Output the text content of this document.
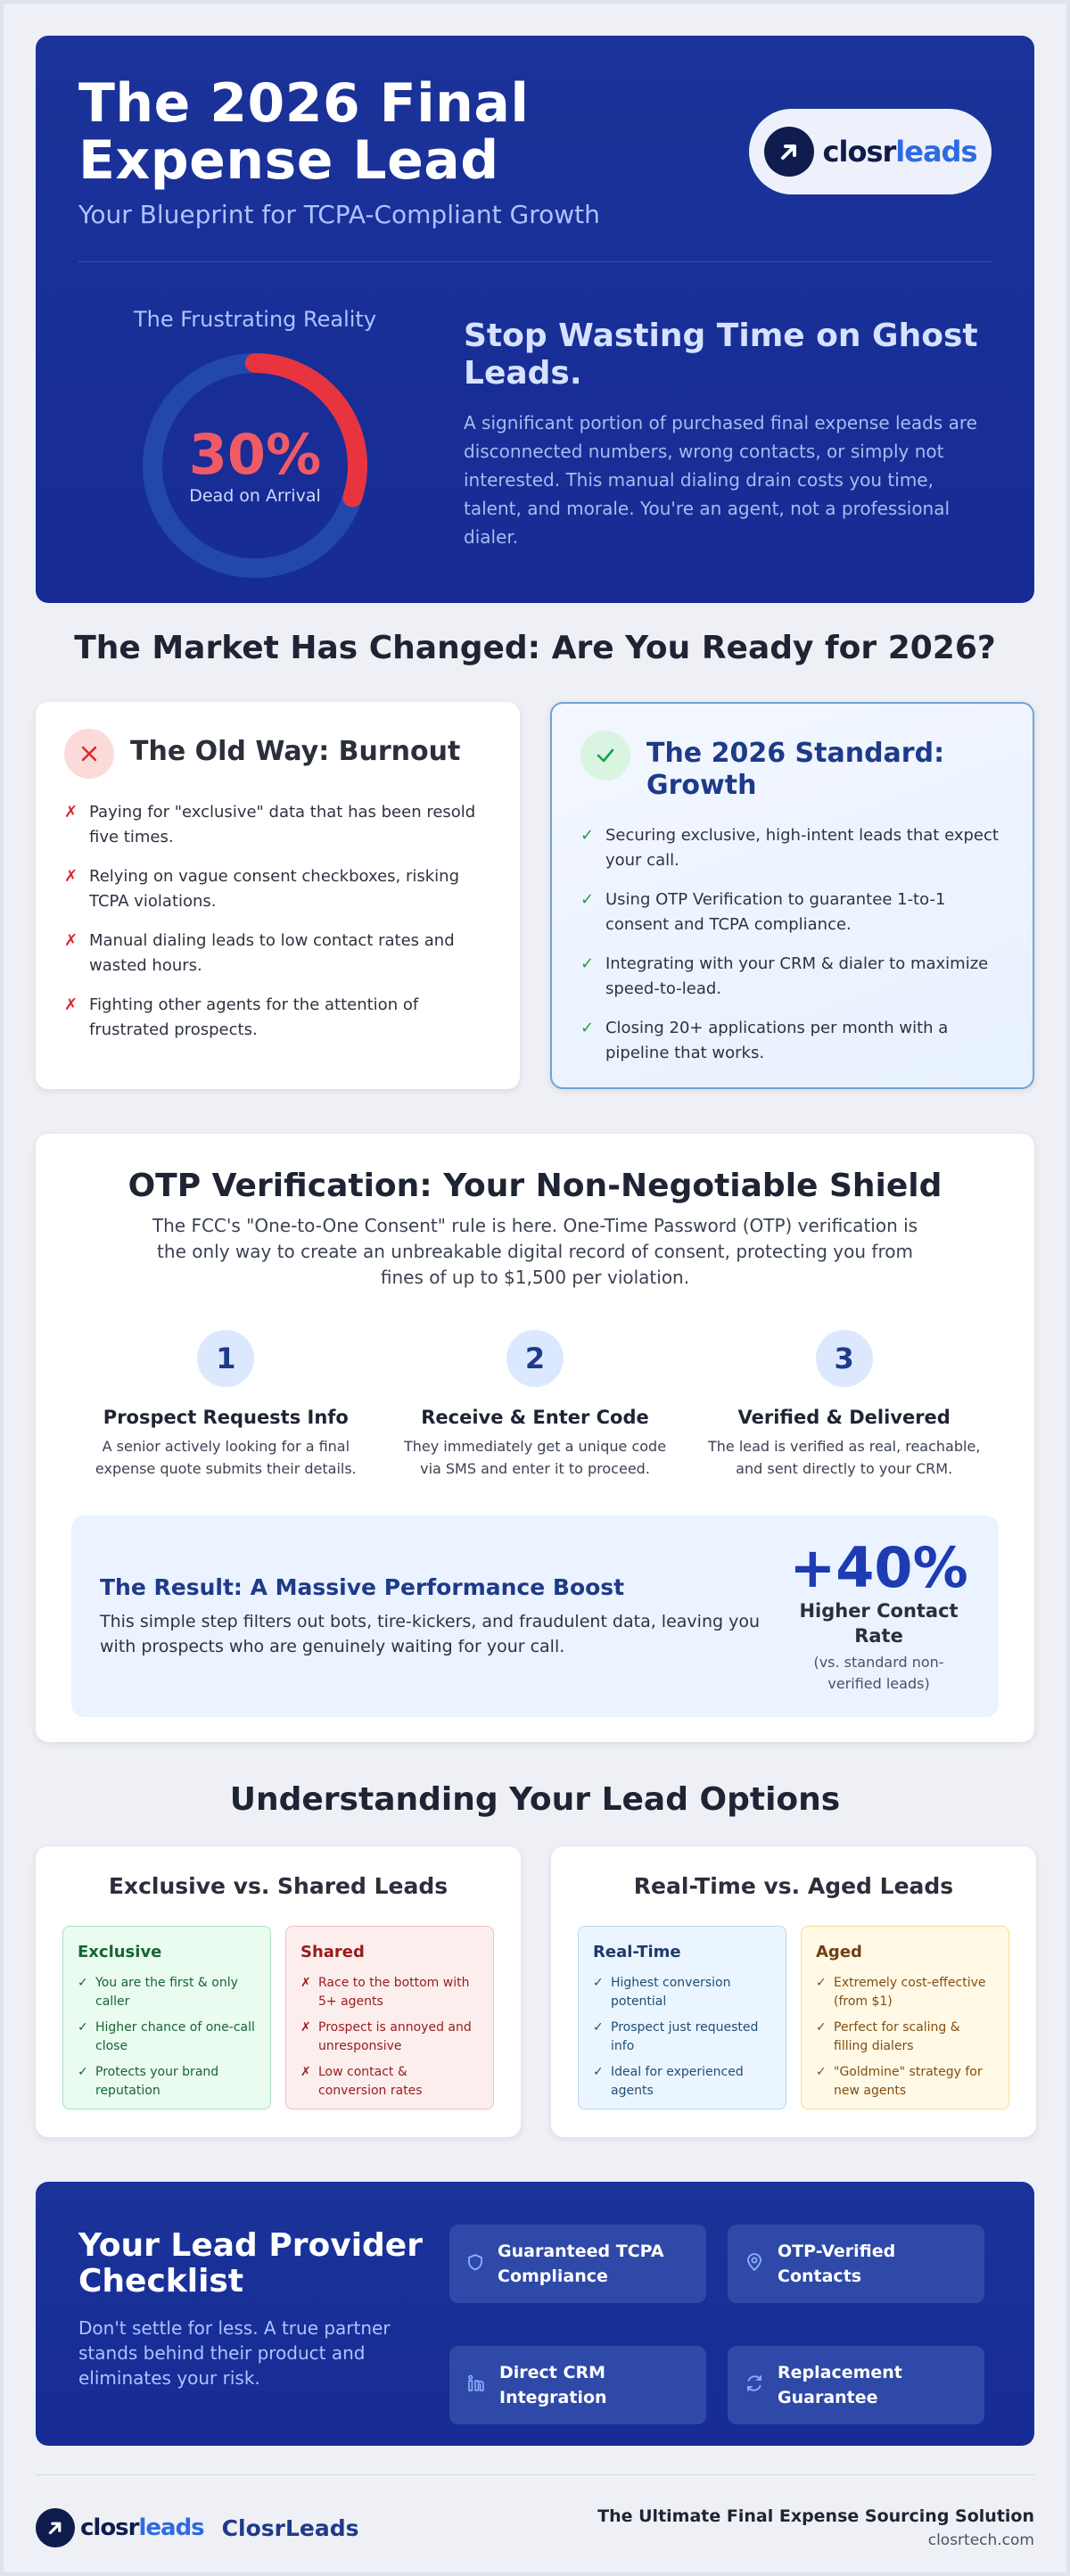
The 2026 Final Expense Lead
Your Blueprint for TCPA-Compliant Growth
closrleads
The Frustrating Reality
30%
Dead on Arrival
Stop Wasting Time on Ghost Leads.

A significant portion of purchased final expense leads are disconnected numbers, wrong contacts, or simply not interested. This manual dialing drain costs you time, talent, and morale. You're an agent, not a professional dialer.

The Market Has Changed: Are You Ready for 2026?
The Old Way: Burnout
✗ Paying for "exclusive" data that has been resold five times.
✗ Relying on vague consent checkboxes, risking TCPA violations.
✗ Manual dialing leads to low contact rates and wasted hours.
✗ Fighting other agents for the attention of frustrated prospects.
The 2026 Standard: Growth
✓ Securing exclusive, high-intent leads that expect your call.
✓ Using OTP Verification to guarantee 1-to-1 consent and TCPA compliance.
✓ Integrating with your CRM & dialer to maximize speed-to-lead.
✓ Closing 20+ applications per month with a pipeline that works.
OTP Verification: Your Non-Negotiable Shield

The FCC's "One-to-One Consent" rule is here. One-Time Password (OTP) verification is the only way to create an unbreakable digital record of consent, protecting you from fines of up to $1,500 per violation.

1
Prospect Requests Info
A senior actively looking for a final expense quote submits their details.
2
Receive & Enter Code
They immediately get a unique code via SMS and enter it to proceed.
3
Verified & Delivered
The lead is verified as real, reachable, and sent directly to your CRM.
The Result: A Massive Performance Boost

This simple step filters out bots, tire-kickers, and fraudulent data, leaving you with prospects who are genuinely waiting for your call.

+40%
Higher Contact Rate
(vs. standard non-verified leads)
Understanding Your Lead Options
Exclusive vs. Shared Leads
Exclusive
✓ You are the first & only caller
✓ Higher chance of one-call close
✓ Protects your brand reputation
Shared
✗ Race to the bottom with 5+ agents
✗ Prospect is annoyed and unresponsive
✗ Low contact & conversion rates
Real-Time vs. Aged Leads
Real-Time
✓ Highest conversion potential
✓ Prospect just requested info
✓ Ideal for experienced agents
Aged
✓ Extremely cost-effective (from $1)
✓ Perfect for scaling & filling dialers
✓ "Goldmine" strategy for new agents
Your Lead Provider Checklist

Don't settle for less. A true partner stands behind their product and eliminates your risk.

Guaranteed TCPA Compliance
OTP-Verified Contacts
Direct CRM Integration
Replacement Guarantee
closrleads ClosrLeads	The Ultimate Final Expense Sourcing Solution
closrtech.com
